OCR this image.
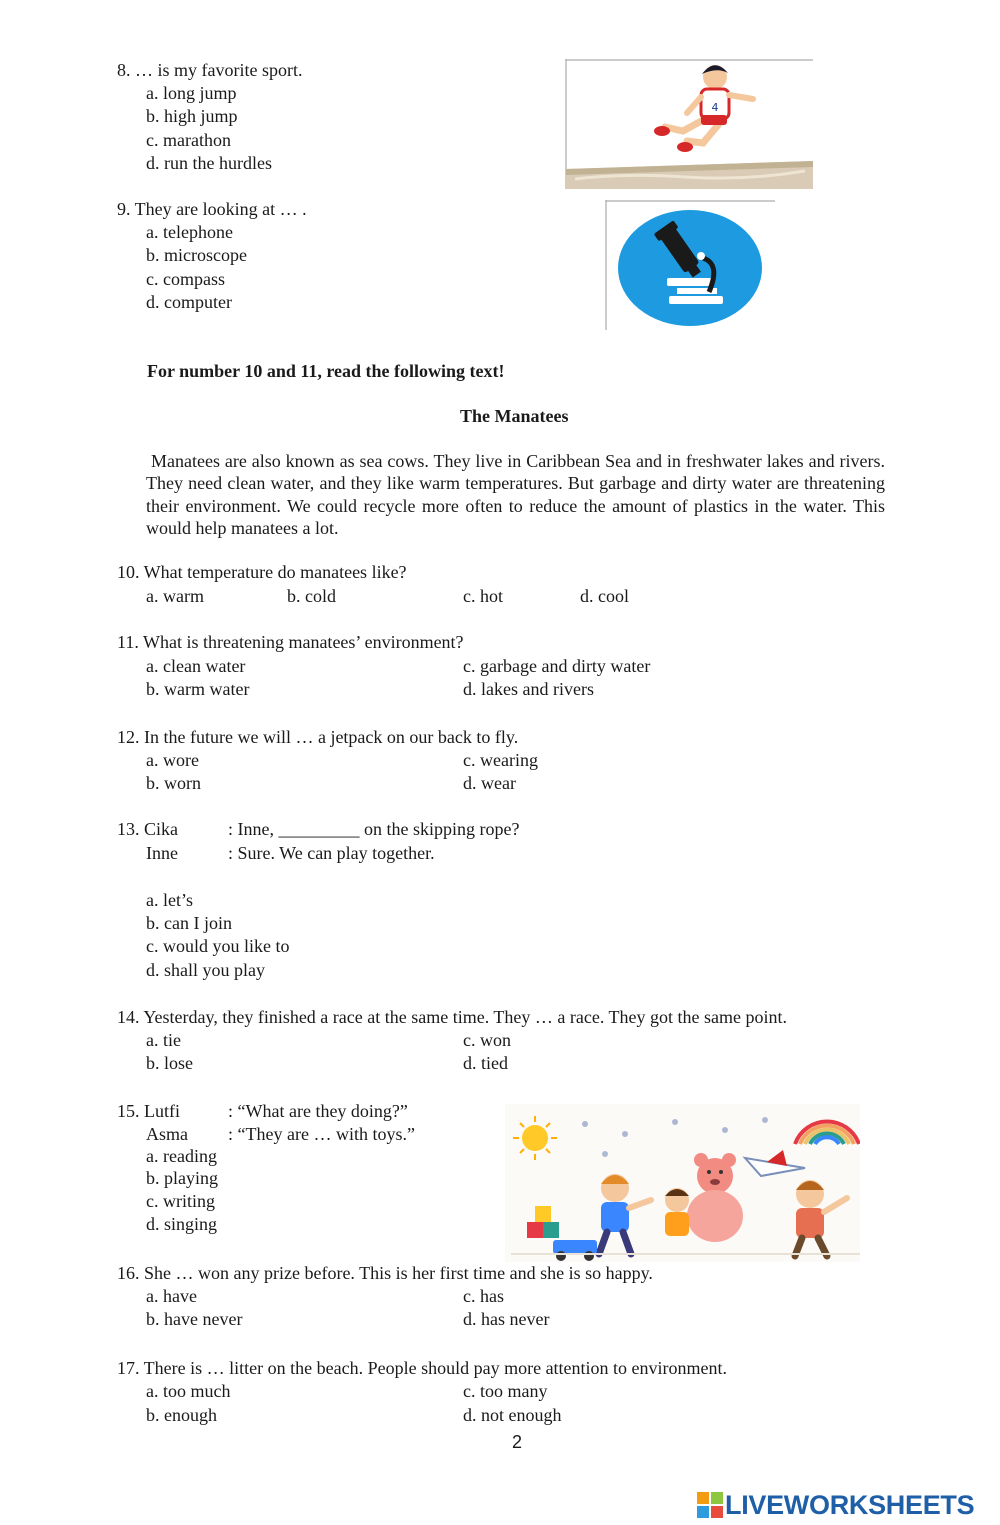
8. … is my favorite sport.
a. long jump
b. high jump
c. marathon
d. run the hurdles
4
9. They are looking at … .
a. telephone
b. microscope
c. compass
d. computer
For number 10 and 11, read the following text!
The Manatees
Manatees are also known as sea cows. They live in Caribbean Sea and in freshwater lakes and rivers. They need clean water, and they like warm temperatures. But garbage and dirty water are threatening their environment. We could recycle more often to reduce the amount of plastics in the water. This would help manatees a lot.
10. What temperature do manatees like?
a. warm	b. cold	c. hot	d. cool
11. What is threatening manatees’ environment?
a. clean water	c. garbage and dirty water
b. warm water	d. lakes and rivers
12. In the future we will … a jetpack on our back to fly.
a. wore	c. wearing
b. worn	d. wear
13. Cika	: Inne, _________ on the skipping rope?
Inne	: Sure. We can play together.
a. let’s
b. can I join
c. would you like to
d. shall you play
14. Yesterday, they finished a race at the same time. They … a race. They got the same point.
a. tie	c. won
b. lose	d. tied
15. Lutfi	: “What are they doing?”
Asma : “They are … with toys.”
a. reading
b. playing
c. writing
d. singing
16. She … won any prize before. This is her first time and she is so happy.
a. have	c. has
b. have never	d. has never
17. There is … litter on the beach. People should pay more attention to environment.
a. too much	c. too many
b. enough	d. not enough
2
LIVEWORKSHEETS
